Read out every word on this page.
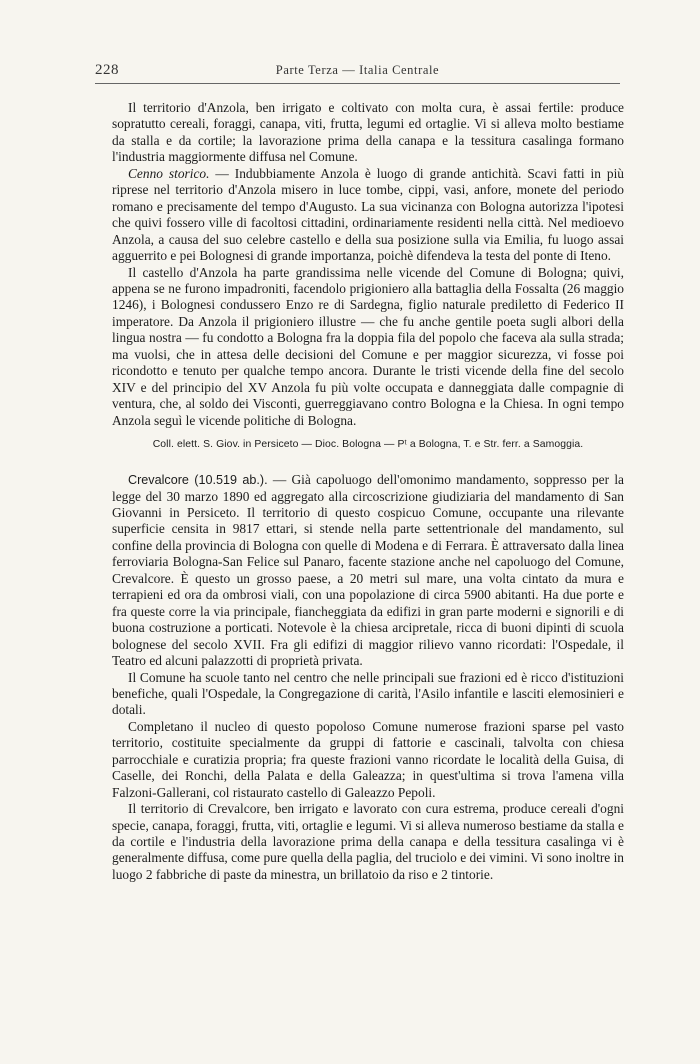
228	Parte Terza — Italia Centrale

Il territorio d'Anzola, ben irrigato e coltivato con molta cura, è assai fertile: produce sopratutto cereali, foraggi, canapa, viti, frutta, legumi ed ortaglie. Vi si alleva molto bestiame da stalla e da cortile; la lavorazione prima della canapa e la tessitura casalinga formano l'industria maggiormente diffusa nel Comune.

Cenno storico. — Indubbiamente Anzola è luogo di grande antichità. Scavi fatti in più riprese nel territorio d'Anzola misero in luce tombe, cippi, vasi, anfore, monete del periodo romano e precisamente del tempo d'Augusto. La sua vicinanza con Bologna autorizza l'ipotesi che quivi fossero ville di facoltosi cittadini, ordinariamente residenti nella città. Nel medioevo Anzola, a causa del suo celebre castello e della sua posizione sulla via Emilia, fu luogo assai agguerrito e pei Bolognesi di grande importanza, poichè difendeva la testa del ponte di Iteno.

Il castello d'Anzola ha parte grandissima nelle vicende del Comune di Bologna; quivi, appena se ne furono impadroniti, facendolo prigioniero alla battaglia della Fossalta (26 maggio 1246), i Bolognesi condussero Enzo re di Sardegna, figlio naturale prediletto di Federico II imperatore. Da Anzola il prigioniero illustre — che fu anche gentile poeta sugli albori della lingua nostra — fu condotto a Bologna fra la doppia fila del popolo che faceva ala sulla strada; ma vuolsi, che in attesa delle decisioni del Comune e per maggior sicurezza, vi fosse poi ricondotto e tenuto per qualche tempo ancora. Durante le tristi vicende della fine del secolo XIV e del principio del XV Anzola fu più volte occupata e danneggiata dalle compagnie di ventura, che, al soldo dei Visconti, guerreggiavano contro Bologna e la Chiesa. In ogni tempo Anzola seguì le vicende politiche di Bologna.

Coll. elett. S. Giov. in Persiceto — Dioc. Bologna — Pᵗ a Bologna, T. e Str. ferr. a Samoggia.

Crevalcore (10.519 ab.). — Già capoluogo dell'omonimo mandamento, soppresso per la legge del 30 marzo 1890 ed aggregato alla circoscrizione giudiziaria del mandamento di San Giovanni in Persiceto. Il territorio di questo cospicuo Comune, occupante una rilevante superficie censita in 9817 ettari, si stende nella parte settentrionale del mandamento, sul confine della provincia di Bologna con quelle di Modena e di Ferrara. È attraversato dalla linea ferroviaria Bologna-San Felice sul Panaro, facente stazione anche nel capoluogo del Comune, Crevalcore. È questo un grosso paese, a 20 metri sul mare, una volta cintato da mura e terrapieni ed ora da ombrosi viali, con una popolazione di circa 5900 abitanti. Ha due porte e fra queste corre la via principale, fiancheggiata da edifizi in gran parte moderni e signorili e di buona costruzione a porticati. Notevole è la chiesa arcipretale, ricca di buoni dipinti di scuola bolognese del secolo XVII. Fra gli edifizi di maggior rilievo vanno ricordati: l'Ospedale, il Teatro ed alcuni palazzotti di proprietà privata.

Il Comune ha scuole tanto nel centro che nelle principali sue frazioni ed è ricco d'istituzioni benefiche, quali l'Ospedale, la Congregazione di carità, l'Asilo infantile e lasciti elemosinieri e dotali.

Completano il nucleo di questo popoloso Comune numerose frazioni sparse pel vasto territorio, costituite specialmente da gruppi di fattorie e cascinali, talvolta con chiesa parrocchiale e curatizia propria; fra queste frazioni vanno ricordate le località della Guisa, di Caselle, dei Ronchi, della Palata e della Galeazza; in quest'ultima si trova l'amena villa Falzoni-Gallerani, col ristaurato castello di Galeazzo Pepoli.

Il territorio di Crevalcore, ben irrigato e lavorato con cura estrema, produce cereali d'ogni specie, canapa, foraggi, frutta, viti, ortaglie e legumi. Vi si alleva numeroso bestiame da stalla e da cortile e l'industria della lavorazione prima della canapa e della tessitura casalinga vi è generalmente diffusa, come pure quella della paglia, del truciolo e dei vimini. Vi sono inoltre in luogo 2 fabbriche di paste da minestra, un brillatoio da riso e 2 tintorie.
